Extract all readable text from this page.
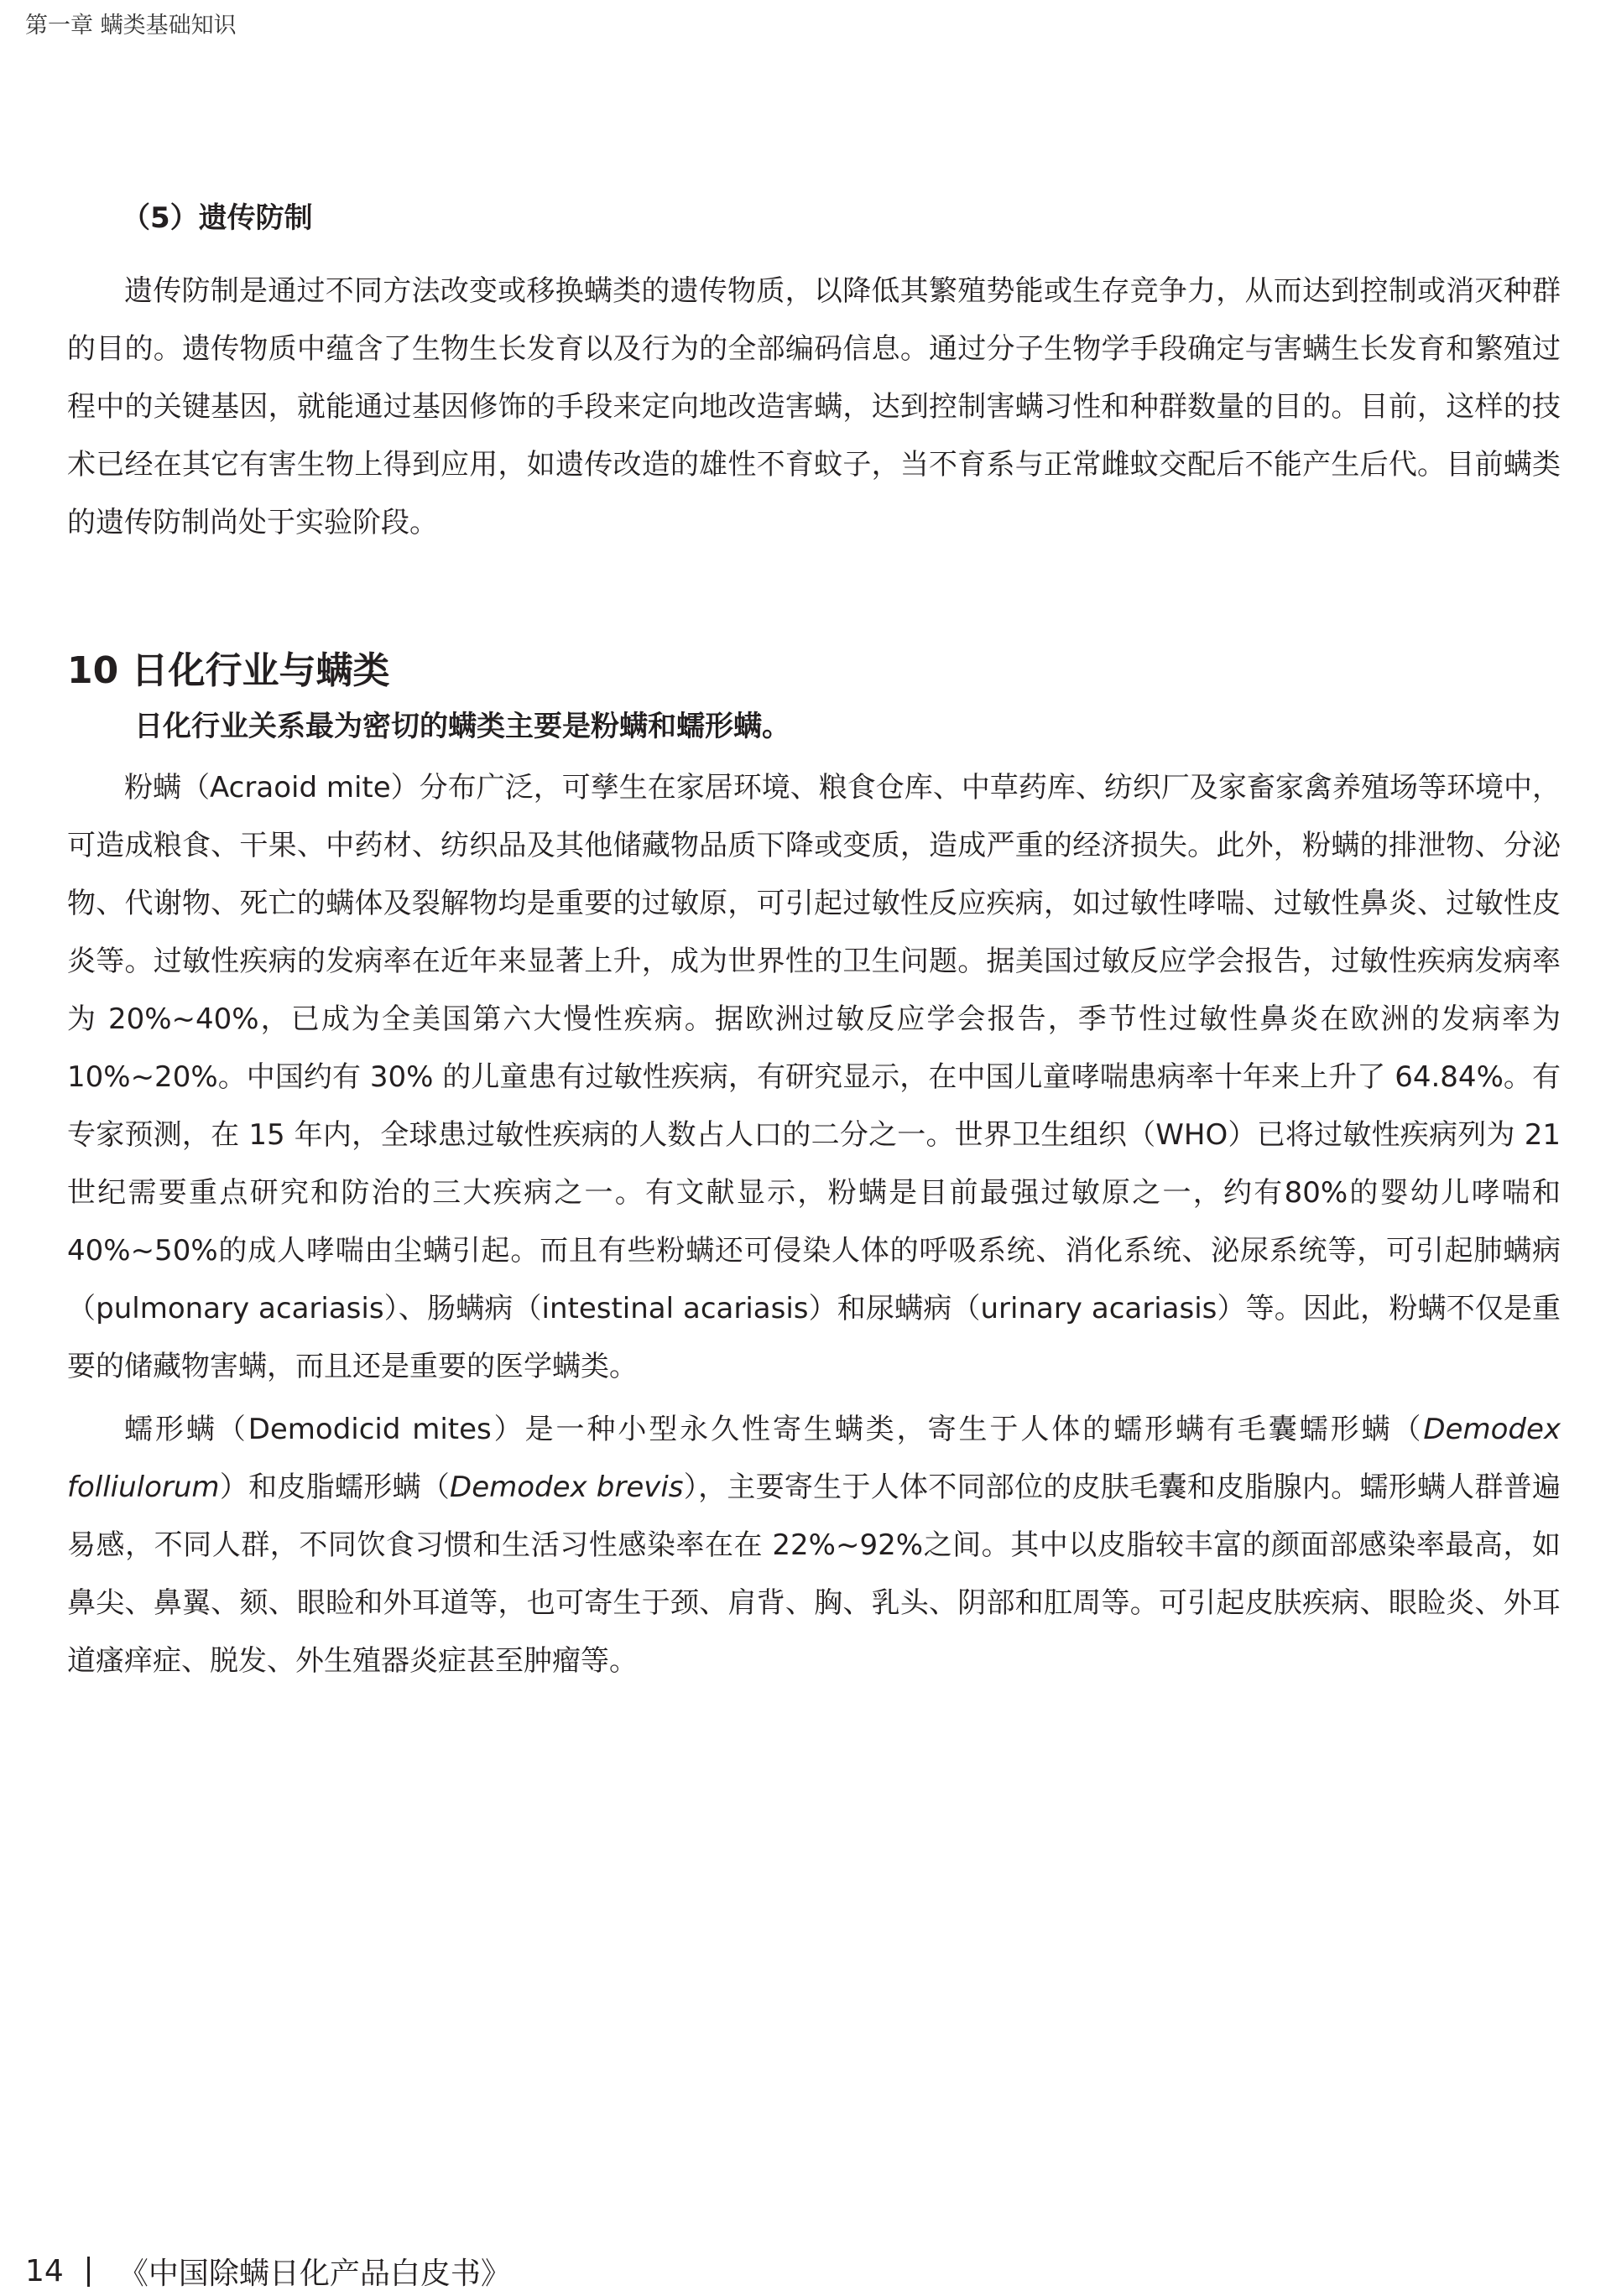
第一章 螨类基础知识
（5）遗传防制

遗传防制是通过不同方法改变或移换螨类的遗传物质，以降低其繁殖势能或生存竞争力，从而达到控制或消灭种群的目的。遗传物质中蕴含了生物生长发育以及行为的全部编码信息。通过分子生物学手段确定与害螨生长发育和繁殖过程中的关键基因，就能通过基因修饰的手段来定向地改造害螨，达到控制害螨习性和种群数量的目的。目前，这样的技术已经在其它有害生物上得到应用，如遗传改造的雄性不育蚊子，当不育系与正常雌蚊交配后不能产生后代。目前螨类的遗传防制尚处于实验阶段。

10 日化行业与螨类

日化行业关系最为密切的螨类主要是粉螨和蠕形螨。

粉螨（Acraoid mite）分布广泛，可孳生在家居环境、粮食仓库、中草药库、纺织厂及家畜家禽养殖场等环境中，可造成粮食、干果、中药材、纺织品及其他储藏物品质下降或变质，造成严重的经济损失。此外，粉螨的排泄物、分泌物、代谢物、死亡的螨体及裂解物均是重要的过敏原，可引起过敏性反应疾病，如过敏性哮喘、过敏性鼻炎、过敏性皮炎等。过敏性疾病的发病率在近年来显著上升，成为世界性的卫生问题。据美国过敏反应学会报告，过敏性疾病发病率为 20%~40%，已成为全美国第六大慢性疾病。据欧洲过敏反应学会报告，季节性过敏性鼻炎在欧洲的发病率为 10%~20%。中国约有 30% 的儿童患有过敏性疾病，有研究显示，在中国儿童哮喘患病率十年来上升了 64.84%。有专家预测，在 15 年内，全球患过敏性疾病的人数占人口的二分之一。世界卫生组织（WHO）已将过敏性疾病列为 21 世纪需要重点研究和防治的三大疾病之一。有文献显示，粉螨是目前最强过敏原之一，约有80%的婴幼儿哮喘和40%~50%的成人哮喘由尘螨引起。而且有些粉螨还可侵染人体的呼吸系统、消化系统、泌尿系统等，可引起肺螨病（pulmonary acariasis）、肠螨病（intestinal acariasis）和尿螨病（urinary acariasis）等。因此，粉螨不仅是重要的储藏物害螨，而且还是重要的医学螨类。

蠕形螨（Demodicid mites）是一种小型永久性寄生螨类，寄生于人体的蠕形螨有毛囊蠕形螨（Demodex folliulorum）和皮脂蠕形螨（Demodex brevis），主要寄生于人体不同部位的皮肤毛囊和皮脂腺内。蠕形螨人群普遍易感，不同人群，不同饮食习惯和生活习性感染率在在 22%~92%之间。其中以皮脂较丰富的颜面部感染率最高，如鼻尖、鼻翼、颏、眼睑和外耳道等，也可寄生于颈、肩背、胸、乳头、阴部和肛周等。可引起皮肤疾病、眼睑炎、外耳道瘙痒症、脱发、外生殖器炎症甚至肿瘤等。

14 《中国除螨日化产品白皮书》
